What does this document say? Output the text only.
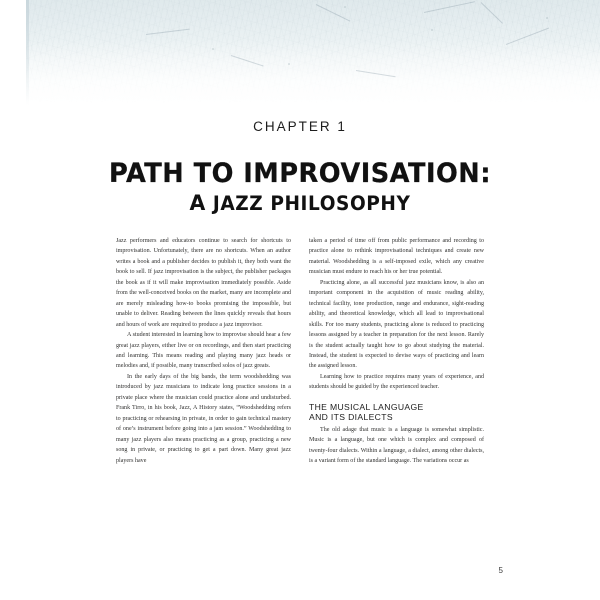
CHAPTER 1
PATH TO IMPROVISATION:
A JAZZ PHILOSOPHY

Jazz performers and educators continue to search for shortcuts to improvisation. Unfortunately, there are no shortcuts. When an author writes a book and a publisher decides to publish it, they both want the book to sell. If jazz improvisation is the subject, the publisher packages the book as if it will make improvisation immediately possible. Aside from the well-conceived books on the market, many are incomplete and are merely misleading how-to books promising the impossible, but unable to deliver. Reading between the lines quickly reveals that hours and hours of work are required to produce a jazz improvisor.

A student interested in learning how to improvise should hear a few great jazz players, either live or on recordings, and then start practicing and learning. This means reading and playing many jazz heads or melodies and, if possible, many transcribed solos of jazz greats.

In the early days of the big bands, the term woodshedding was introduced by jazz musicians to indicate long practice sessions in a private place where the musician could practice alone and undisturbed. Frank Tirro, in his book, Jazz, A History states, “Woodshedding refers to practicing or rehearsing in private, in order to gain technical mastery of one’s instrument before going into a jam session.” Woodshedding to many jazz players also means practicing as a group, practicing a new song in private, or practicing to get a part down. Many great jazz players have

taken a period of time off from public performance and recording to practice alone to rethink improvisational techniques and create new material. Woodshedding is a self-imposed exile, which any creative musician must endure to reach his or her true potential.

Practicing alone, as all successful jazz musicians know, is also an important component in the acquisition of music reading ability, technical facility, tone production, range and endurance, sight-reading ability, and theoretical knowledge, which all lead to improvisational skills. For too many students, practicing alone is reduced to practicing lessons assigned by a teacher in preparation for the next lesson. Rarely is the student actually taught how to go about studying the material. Instead, the student is expected to devise ways of practicing and learn the assigned lesson.

Learning how to practice requires many years of experience, and students should be guided by the experienced teacher.

THE MUSICAL LANGUAGE
AND ITS DIALECTS

The old adage that music is a language is somewhat simplistic. Music is a language, but one which is complex and composed of twenty-four dialects. Within a language, a dialect, among other dialects, is a variant form of the standard language. The variations occur as

5
